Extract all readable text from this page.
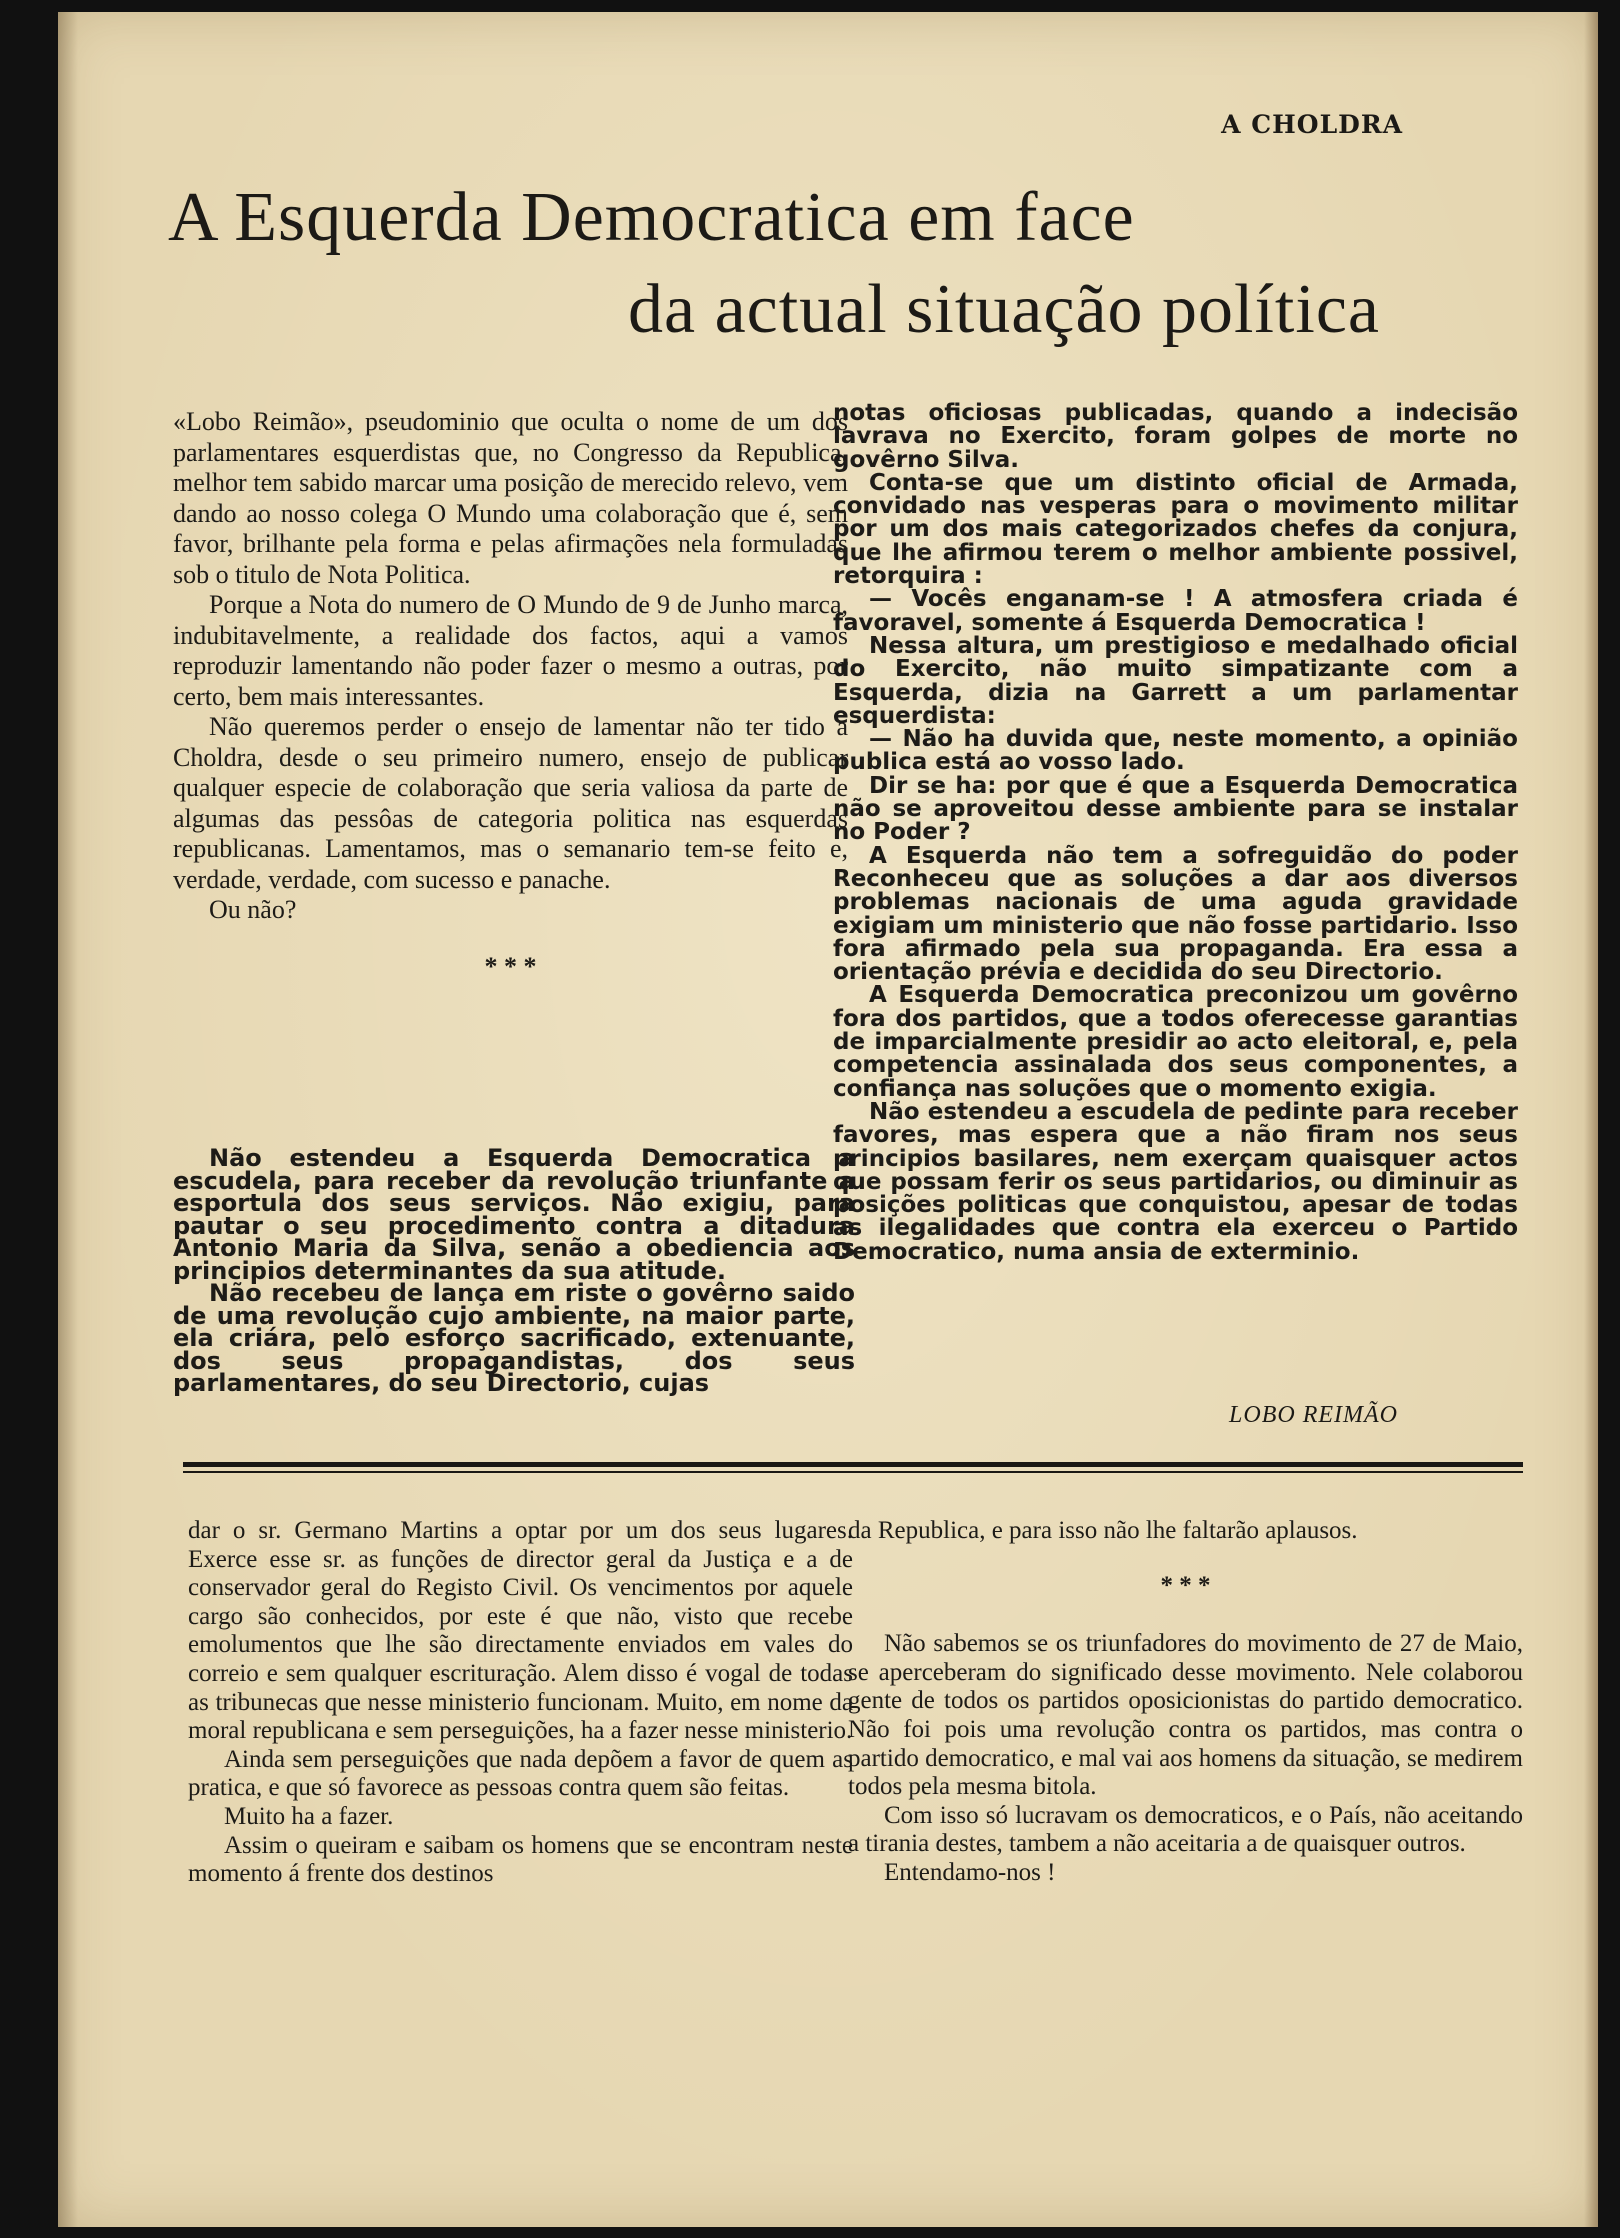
A CHOLDRA
A Esquerda Democratica em face
da actual situação política

«Lobo Reimão», pseudominio que oculta o nome de um dos parlamentares esquerdistas que, no Congresso da Republica, melhor tem sabido marcar uma posição de merecido relevo, vem dando ao nosso colega O Mundo uma colaboração que é, sem favor, brilhante pela forma e pelas afirmações nela formuladas sob o titulo de Nota Politica.

Porque a Nota do numero de O Mundo de 9 de Junho marca, indubitavelmente, a realidade dos factos, aqui a vamos reproduzir lamentando não poder fazer o mesmo a outras, por certo, bem mais interessantes.

Não queremos perder o ensejo de lamentar não ter tido a Choldra, desde o seu primeiro numero, ensejo de publicar qualquer especie de colaboração que seria valiosa da parte de algumas das pessôas de categoria politica nas esquerdas republicanas. Lamentamos, mas o semanario tem-se feito e, verdade, verdade, com sucesso e panache.

Ou não?

* * *

Não estendeu a Esquerda Democratica a escudela, para receber da revolução triunfante a esportula dos seus serviços. Não exigiu, para pautar o seu procedimento contra a ditadura Antonio Maria da Silva, senão a obediencia aos principios determinantes da sua atitude.

Não recebeu de lança em riste o govêrno saido de uma revolução cujo ambiente, na maior parte, ela criára, pelo esforço sacrificado, extenuante, dos seus propagandistas, dos seus parlamentares, do seu Directorio, cujas

notas oficiosas publicadas, quando a indecisão lavrava no Exercito, foram golpes de morte no govêrno Silva.

Conta-se que um distinto oficial de Armada, convidado nas vesperas para o movimento militar por um dos mais categorizados chefes da conjura, que lhe afirmou terem o melhor ambiente possivel, retorquira :

— Vocês enganam-se ! A atmosfera criada é favoravel, somente á Esquerda Democratica !

Nessa altura, um prestigioso e medalhado oficial do Exercito, não muito simpatizante com a Esquerda, dizia na Garrett a um parlamentar esquerdista:

— Não ha duvida que, neste momento, a opinião publica está ao vosso lado.

Dir se ha: por que é que a Esquerda Democratica não se aproveitou desse ambiente para se instalar no Poder ?

A Esquerda não tem a sofreguidão do poder Reconheceu que as soluções a dar aos diversos problemas nacionais de uma aguda gravidade exigiam um ministerio que não fosse partidario. Isso fora afirmado pela sua propaganda. Era essa a orientação prévia e decidida do seu Directorio.

A Esquerda Democratica preconizou um govêrno fora dos partidos, que a todos oferecesse garantias de imparcialmente presidir ao acto eleitoral, e, pela competencia assinalada dos seus componentes, a confiança nas soluções que o momento exigia.

Não estendeu a escudela de pedinte para receber favores, mas espera que a não firam nos seus principios basilares, nem exerçam quaisquer actos que possam ferir os seus partidarios, ou diminuir as posições politicas que conquistou, apesar de todas as ilegalidades que contra ela exerceu o Partido Democratico, numa ansia de exterminio.

LOBO REIMÃO

dar o sr. Germano Martins a optar por um dos seus lugares. Exerce esse sr. as funções de director geral da Justiça e a de conservador geral do Registo Civil. Os vencimentos por aquele cargo são conhecidos, por este é que não, visto que recebe emolumentos que lhe são directamente enviados em vales do correio e sem qualquer escrituração. Alem disso é vogal de todas as tribunecas que nesse ministerio funcionam. Muito, em nome da moral republicana e sem perseguições, ha a fazer nesse ministerio.

Ainda sem perseguições que nada depõem a favor de quem as pratica, e que só favorece as pessoas contra quem são feitas.

Muito ha a fazer.

Assim o queiram e saibam os homens que se encontram neste momento á frente dos destinos

da Republica, e para isso não lhe faltarão aplausos.

* * *

Não sabemos se os triunfadores do movimento de 27 de Maio, se aperceberam do significado desse movimento. Nele colaborou gente de todos os partidos oposicionistas do partido democratico. Não foi pois uma revolução contra os partidos, mas contra o partido democratico, e mal vai aos homens da situação, se medirem todos pela mesma bitola.

Com isso só lucravam os democraticos, e o País, não aceitando a tirania destes, tambem a não aceitaria a de quaisquer outros.

Entendamo-nos !
